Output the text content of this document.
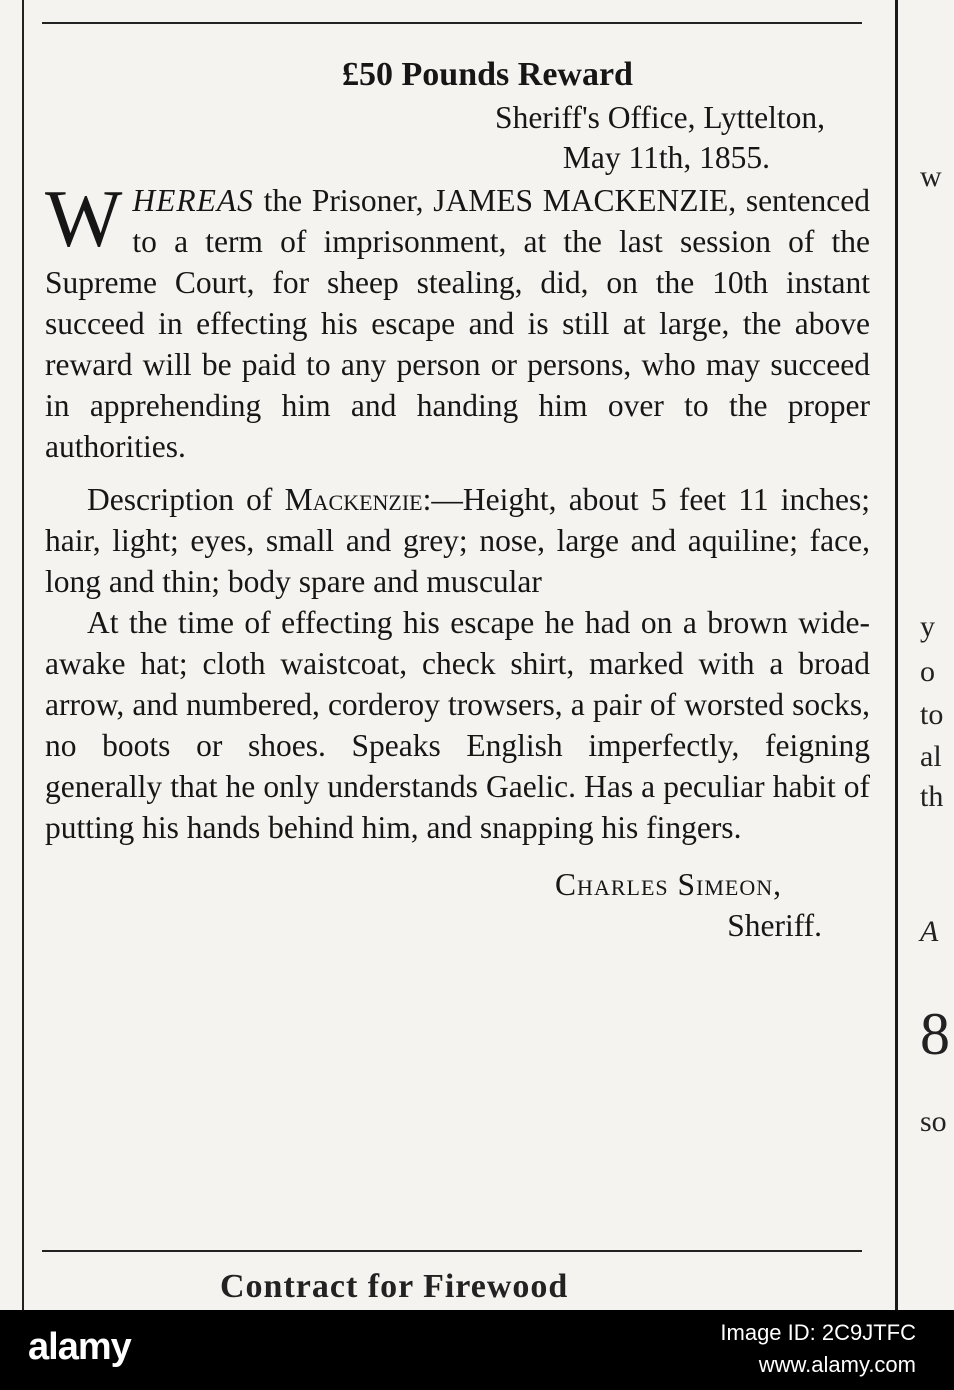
£50 Pounds Reward
Sheriff's Office, Lyttelton,
May 11th, 1855.

WHEREAS the Prisoner, JAMES MACKENZIE, sentenced to a term of imprisonment, at the last session of the Supreme Court, for sheep stealing, did, on the 10th instant succeed in effecting his escape and is still at large, the above reward will be paid to any person or persons, who may succeed in apprehending him and handing him over to the proper authorities.

Description of Mackenzie:—Height, about 5 feet 11 inches; hair, light; eyes, small and grey; nose, large and aquiline; face, long and thin; body spare and muscular

At the time of effecting his escape he had on a brown wide-awake hat; cloth waistcoat, check shirt, marked with a broad arrow, and numbered, corderoy trowsers, a pair of worsted socks, no boots or shoes. Speaks English imperfectly, feigning generally that he only understands Gaelic. Has a peculiar habit of putting his hands behind him, and snapping his fingers.

Charles Simeon,
Sheriff.
Contract for Firewood
w
y
o
to
al
th
A
8
so
alamy	Image ID: 2C9JTFC
www.alamy.com
